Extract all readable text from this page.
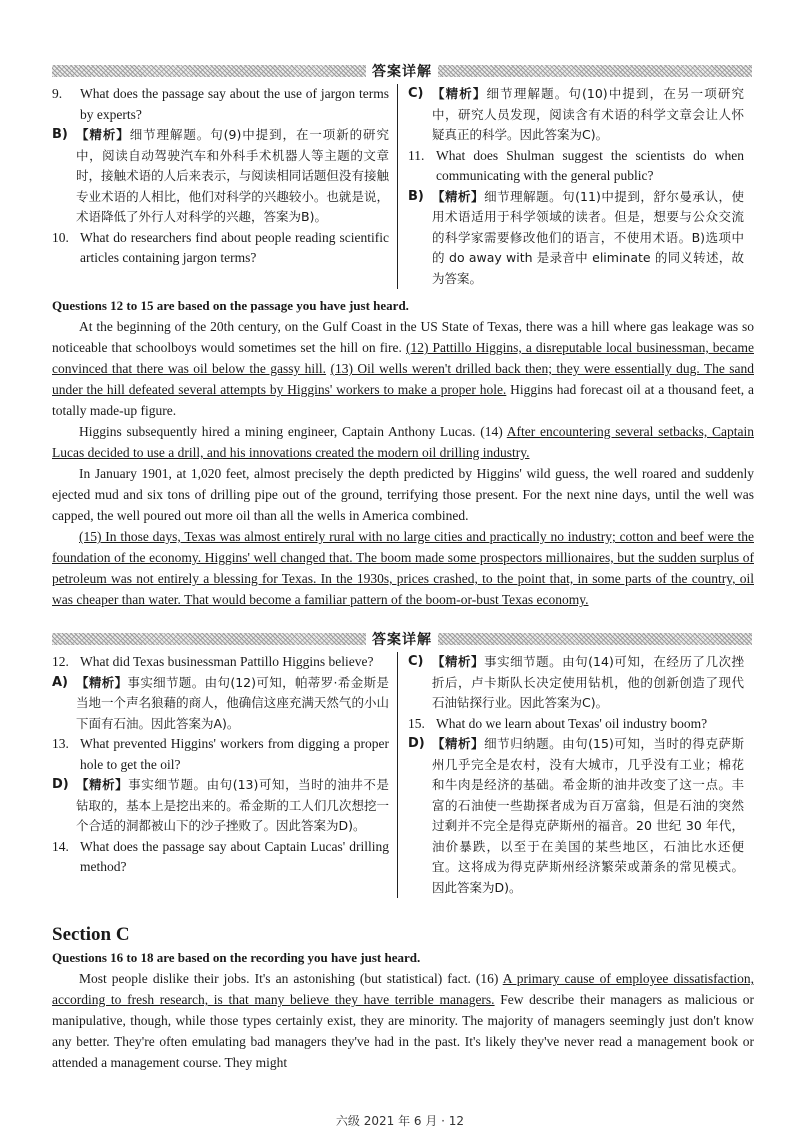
答案详解
9.	What does the passage say about the use of jargon terms by experts?
B) 【精析】细节理解题。句(9)中提到，在一项新的研究中，阅读自动驾驶汽车和外科手术机器人等主题的文章时，接触术语的人后来表示，与阅读相同话题但没有接触专业术语的人相比，他们对科学的兴趣较小。也就是说，术语降低了外行人对科学的兴趣，答案为B)。
10. What do researchers find about people reading scientific articles containing jargon terms?
C) 【精析】细节理解题。句(10)中提到，在另一项研究中，研究人员发现，阅读含有术语的科学文章会让人怀疑真正的科学。因此答案为C)。
11. What does Shulman suggest the scientists do when communicating with the general public?
B) 【精析】细节理解题。句(11)中提到，舒尔曼承认，使用术语适用于科学领域的读者。但是，想要与公众交流的科学家需要修改他们的语言，不使用术语。B)选项中的 do away with 是录音中 eliminate 的同义转述，故为答案。
Questions 12 to 15 are based on the passage you have just heard.

At the beginning of the 20th century, on the Gulf Coast in the US State of Texas, there was a hill where gas leakage was so noticeable that schoolboys would sometimes set the hill on fire. (12) Pattillo Higgins, a disreputable local businessman, became convinced that there was oil below the gassy hill. (13) Oil wells weren't drilled back then; they were essentially dug. The sand under the hill defeated several attempts by Higgins' workers to make a proper hole. Higgins had forecast oil at a thousand feet, a totally made-up figure.

Higgins subsequently hired a mining engineer, Captain Anthony Lucas. (14) After encountering several setbacks, Captain Lucas decided to use a drill, and his innovations created the modern oil drilling industry.

In January 1901, at 1,020 feet, almost precisely the depth predicted by Higgins' wild guess, the well roared and suddenly ejected mud and six tons of drilling pipe out of the ground, terrifying those present. For the next nine days, until the well was capped, the well poured out more oil than all the wells in America combined.

(15) In those days, Texas was almost entirely rural with no large cities and practically no industry; cotton and beef were the foundation of the economy. Higgins' well changed that. The boom made some prospectors millionaires, but the sudden surplus of petroleum was not entirely a blessing for Texas. In the 1930s, prices crashed, to the point that, in some parts of the country, oil was cheaper than water. That would become a familiar pattern of the boom-or-bust Texas economy.

答案详解
12. What did Texas businessman Pattillo Higgins believe?
A) 【精析】事实细节题。由句(12)可知，帕蒂罗·希金斯是当地一个声名狼藉的商人，他确信这座充满天然气的小山下面有石油。因此答案为A)。
13. What prevented Higgins' workers from digging a proper hole to get the oil?
D) 【精析】事实细节题。由句(13)可知，当时的油井不是钻取的，基本上是挖出来的。希金斯的工人们几次想挖一个合适的洞都被山下的沙子挫败了。因此答案为D)。
14. What does the passage say about Captain Lucas' drilling method?
C) 【精析】事实细节题。由句(14)可知，在经历了几次挫折后，卢卡斯队长决定使用钻机，他的创新创造了现代石油钻探行业。因此答案为C)。
15. What do we learn about Texas' oil industry boom?
D) 【精析】细节归纳题。由句(15)可知，当时的得克萨斯州几乎完全是农村，没有大城市，几乎没有工业；棉花和牛肉是经济的基础。希金斯的油井改变了这一点。丰富的石油使一些勘探者成为百万富翁，但是石油的突然过剩并不完全是得克萨斯州的福音。20 世纪 30 年代，油价暴跌，以至于在美国的某些地区，石油比水还便宜。这将成为得克萨斯州经济繁荣或萧条的常见模式。因此答案为D)。
Section C
Questions 16 to 18 are based on the recording you have just heard.

Most people dislike their jobs. It's an astonishing (but statistical) fact. (16) A primary cause of employee dissatisfaction, according to fresh research, is that many believe they have terrible managers. Few describe their managers as malicious or manipulative, though, while those types certainly exist, they are minority. The majority of managers seemingly just don't know any better. They're often emulating bad managers they've had in the past. It's likely they've never read a management book or attended a management course. They might

六级 2021 年 6 月 · 12
